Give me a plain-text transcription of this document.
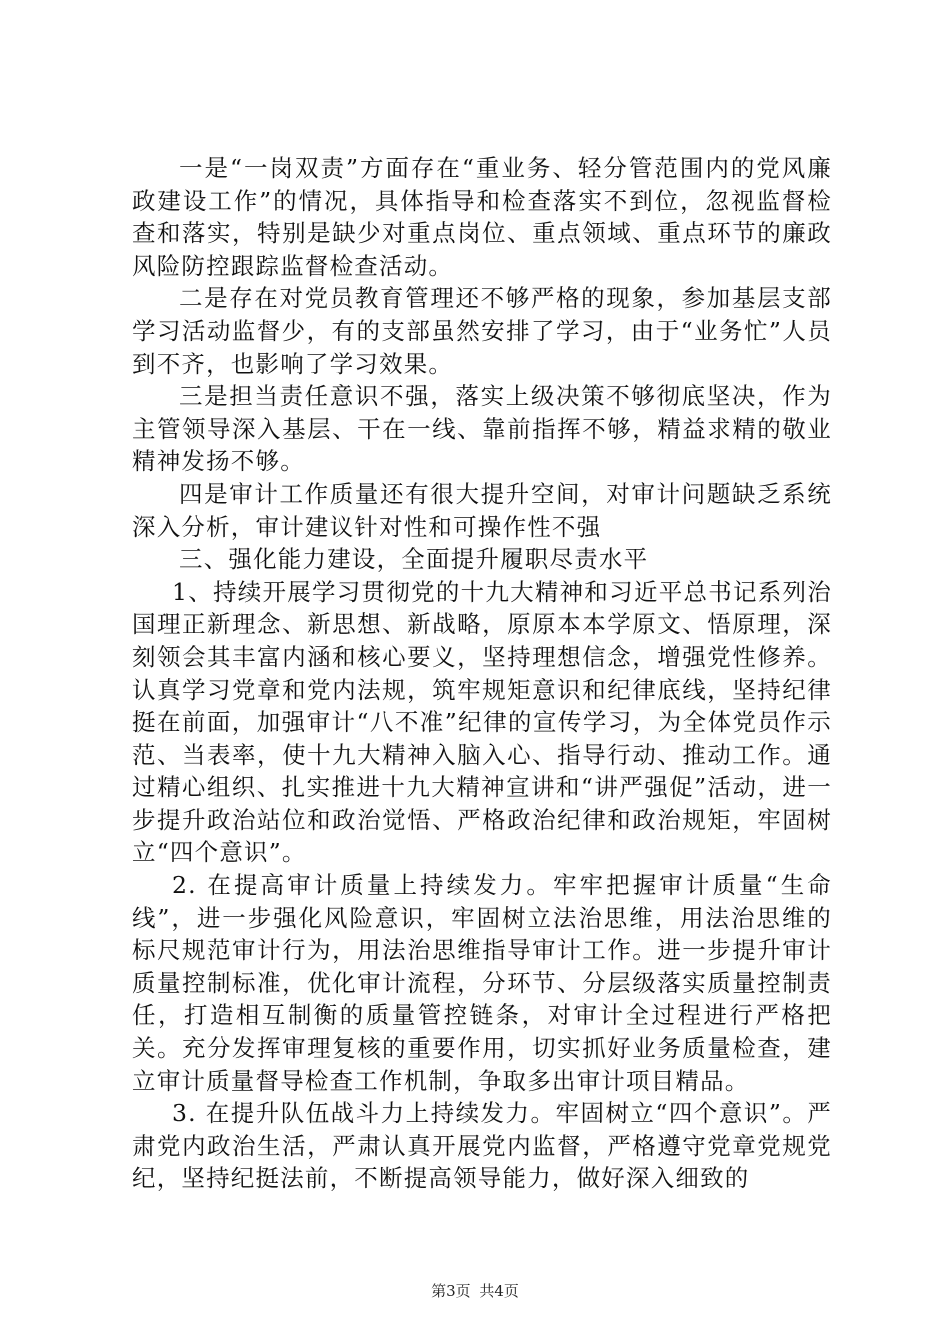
一是“一岗双责”方面存在“重业务、轻分管范围内的党风廉政建设工作”的情况，具体指导和检查落实不到位，忽视监督检查和落实，特别是缺少对重点岗位、重点领域、重点环节的廉政风险防控跟踪监督检查活动。

二是存在对党员教育管理还不够严格的现象，参加基层支部学习活动监督少，有的支部虽然安排了学习，由于“业务忙”人员到不齐，也影响了学习效果。

三是担当责任意识不强，落实上级决策不够彻底坚决，作为主管领导深入基层、干在一线、靠前指挥不够，精益求精的敬业精神发扬不够。

四是审计工作质量还有很大提升空间，对审计问题缺乏系统深入分析，审计建议针对性和可操作性不强

三、强化能力建设，全面提升履职尽责水平

1、持续开展学习贯彻党的十九大精神和习近平总书记系列治国理正新理念、新思想、新战略，原原本本学原文、悟原理，深刻领会其丰富内涵和核心要义，坚持理想信念，增强党性修养。认真学习党章和党内法规，筑牢规矩意识和纪律底线，坚持纪律挺在前面，加强审计“八不准”纪律的宣传学习，为全体党员作示范、当表率，使十九大精神入脑入心、指导行动、推动工作。通过精心组织、扎实推进十九大精神宣讲和“讲严强促”活动，进一步提升政治站位和政治觉悟、严格政治纪律和政治规矩，牢固树立“四个意识”。

2. 在提高审计质量上持续发力。牢牢把握审计质量“生命线”，进一步强化风险意识，牢固树立法治思维，用法治思维的标尺规范审计行为，用法治思维指导审计工作。进一步提升审计质量控制标准，优化审计流程，分环节、分层级落实质量控制责任，打造相互制衡的质量管控链条，对审计全过程进行严格把关。充分发挥审理复核的重要作用，切实抓好业务质量检查，建立审计质量督导检查工作机制，争取多出审计项目精品。

3. 在提升队伍战斗力上持续发力。牢固树立“四个意识”。严肃党内政治生活，严肃认真开展党内监督，严格遵守党章党规党纪，坚持纪挺法前，不断提高领导能力，做好深入细致的

第3页 共4页
